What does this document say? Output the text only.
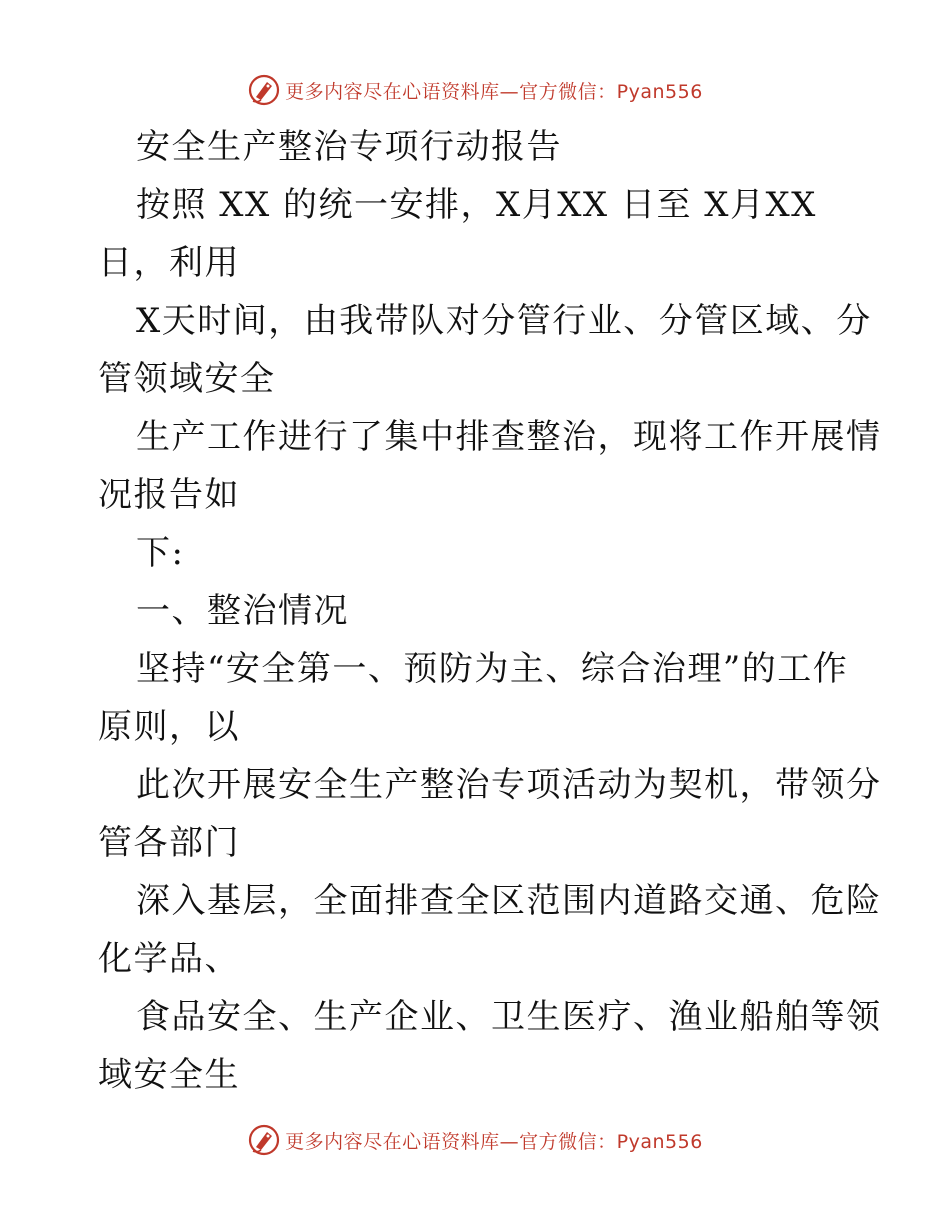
更多内容尽在心语资料库—官方微信：Pyan556
安全生产整治专项行动报告
按照 XX 的统一安排，X月XX 日至 X月XX
日，利用
X天时间，由我带队对分管行业、分管区域、分
管领域安全
生产工作进行了集中排查整治，现将工作开展情
况报告如
下:
一、整治情况
坚持“安全第一、预防为主、综合治理”的工作
原则，以
此次开展安全生产整治专项活动为契机，带领分
管各部门
深入基层，全面排查全区范围内道路交通、危险
化学品、
食品安全、生产企业、卫生医疗、渔业船舶等领
域安全生
更多内容尽在心语资料库—官方微信：Pyan556
